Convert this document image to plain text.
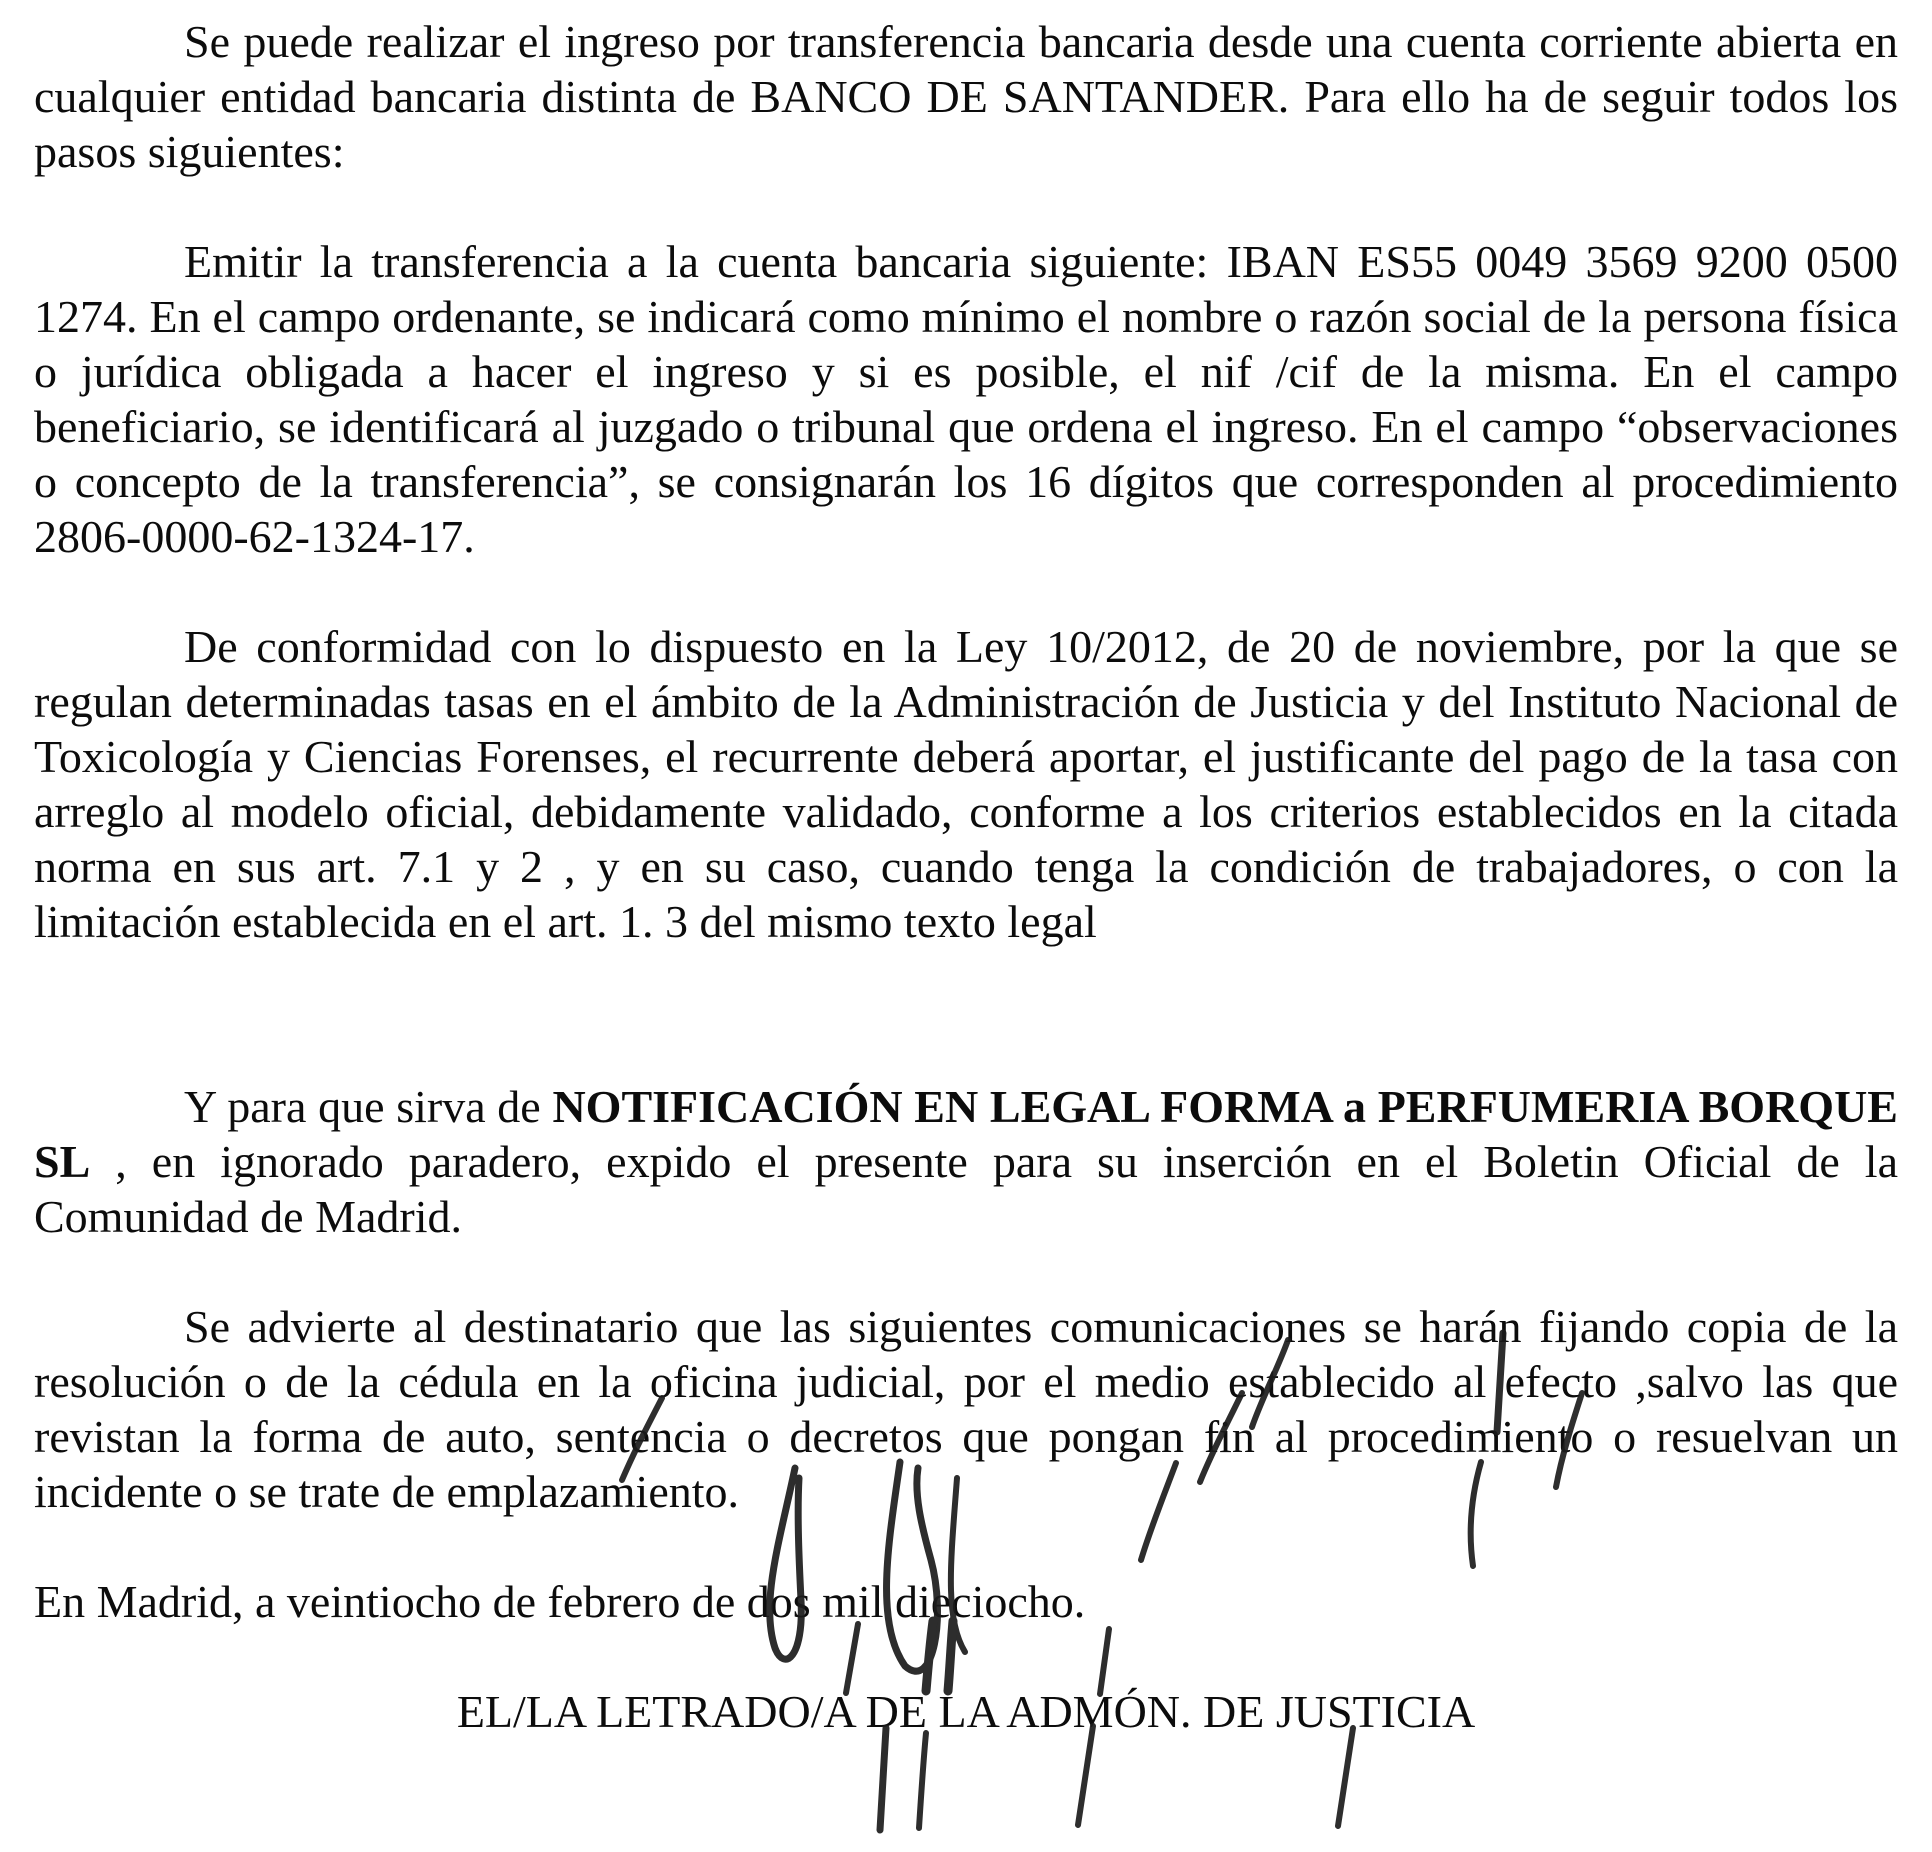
Se puede realizar el ingreso por transferencia bancaria desde una cuenta corriente abierta en cualquier entidad bancaria distinta de BANCO DE SANTANDER. Para ello ha de seguir todos los pasos siguientes:

Emitir la transferencia a la cuenta bancaria siguiente: IBAN ES55 0049 3569 9200 0500 1274. En el campo ordenante, se indicará como mínimo el nombre o razón social de la persona física o jurídica obligada a hacer el ingreso y si es posible, el nif /cif de la misma. En el campo beneficiario, se identificará al juzgado o tribunal que ordena el ingreso. En el campo “observaciones o concepto de la transferencia”, se consignarán los 16 dígitos que corresponden al procedimiento 2806-0000-62-1324-17.

De conformidad con lo dispuesto en la Ley 10/2012, de 20 de noviembre, por la que se regulan determinadas tasas en el ámbito de la Administración de Justicia y del Instituto Nacional de Toxicología y Ciencias Forenses, el recurrente deberá aportar, el justificante del pago de la tasa con arreglo al modelo oficial, debidamente validado, conforme a los criterios establecidos en la citada norma en sus art. 7.1 y 2 , y en su caso, cuando tenga la condición de trabajadores, o con la limitación establecida en el art. 1. 3 del mismo texto legal

Y para que sirva de NOTIFICACIÓN EN LEGAL FORMA a PERFUMERIA BORQUE SL , en ignorado paradero, expido el presente para su inserción en el Boletin Oficial de la Comunidad de Madrid.

Se advierte al destinatario que las siguientes comunicaciones se harán fijando copia de la resolución o de la cédula en la oficina judicial, por el medio establecido al efecto ,salvo las que revistan la forma de auto, sentencia o decretos que pongan fin al procedimiento o resuelvan un incidente o se trate de emplazamiento.

En Madrid, a veintiocho de febrero de dos mil dieciocho.

EL/LA LETRADO/A DE LA ADMÓN. DE JUSTICIA
